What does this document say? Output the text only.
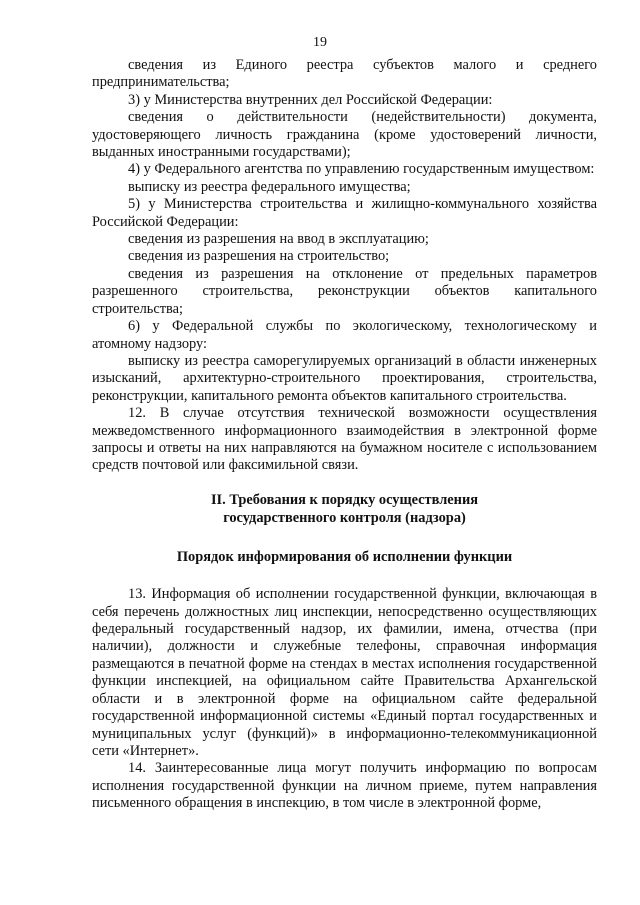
19

сведения из Единого реестра субъектов малого и среднего предпринимательства;

3) у Министерства внутренних дел Российской Федерации:

сведения о действительности (недействительности) документа, удостоверяющего личность гражданина (кроме удостоверений личности, выданных иностранными государствами);

4) у Федерального агентства по управлению государственным имуществом:

выписку из реестра федерального имущества;

5) у Министерства строительства и жилищно-коммунального хозяйства Российской Федерации:

сведения из разрешения на ввод в эксплуатацию;

сведения из разрешения на строительство;

сведения из разрешения на отклонение от предельных параметров разрешенного строительства, реконструкции объектов капитального строительства;

6) у Федеральной службы по экологическому, технологическому и атомному надзору:

выписку из реестра саморегулируемых организаций в области инженерных изысканий, архитектурно-строительного проектирования, строительства, реконструкции, капитального ремонта объектов капитального строительства.

12. В случае отсутствия технической возможности осуществления межведомственного информационного взаимодействия в электронной форме запросы и ответы на них направляются на бумажном носителе с использованием средств почтовой или факсимильной связи.

II. Требования к порядку осуществления
государственного контроля (надзора)
Порядок информирования об исполнении функции

13. Информация об исполнении государственной функции, включающая в себя перечень должностных лиц инспекции, непосредственно осуществляющих федеральный государственный надзор, их фамилии, имена, отчества (при наличии), должности и служебные телефоны, справочная информация размещаются в печатной форме на стендах в местах исполнения государственной функции инспекцией, на официальном сайте Правительства Архангельской области и в электронной форме на официальном сайте федеральной государственной информационной системы «Единый портал государственных и муниципальных услуг (функций)» в информационно-телекоммуникационной сети «Интернет».

14. Заинтересованные лица могут получить информацию по вопросам исполнения государственной функции на личном приеме, путем направления письменного обращения в инспекцию, в том числе в электронной форме,
